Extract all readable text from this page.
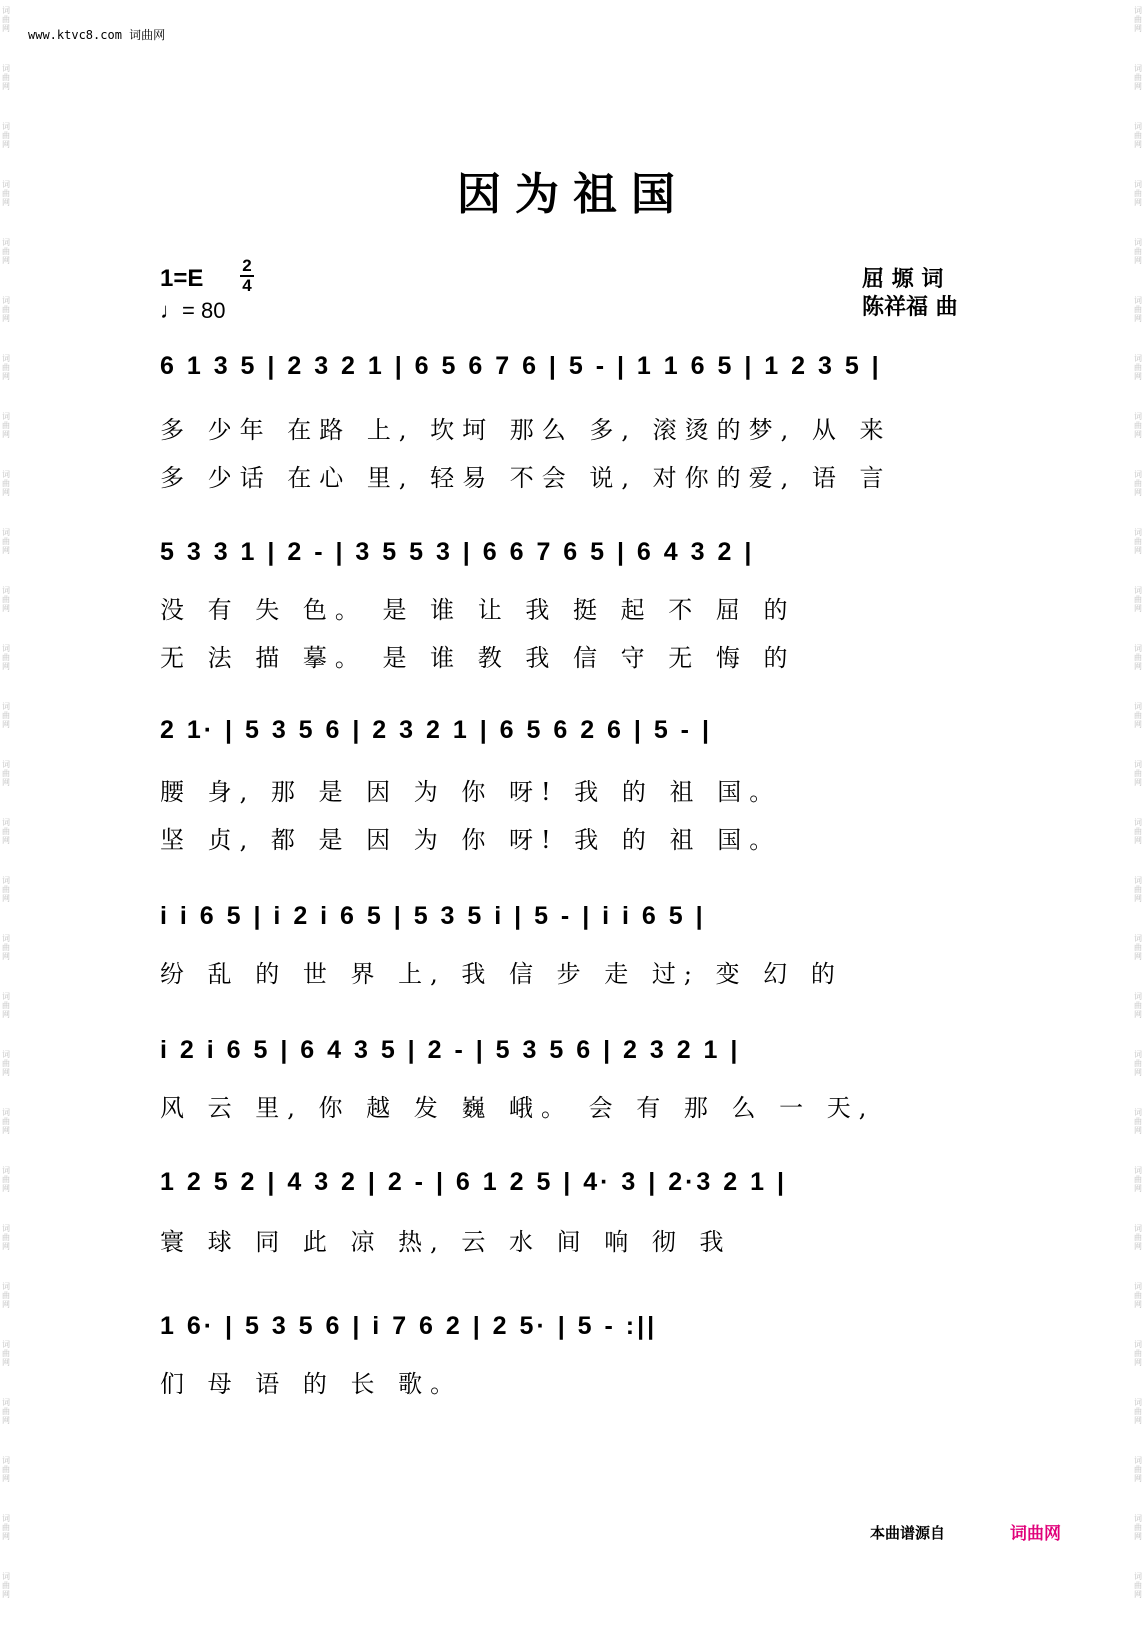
词
曲
网
词
曲
网
词
曲
网
词
曲
网
词
曲
网
词
曲
网
词
曲
网
词
曲
网
词
曲
网
词
曲
网
词
曲
网
词
曲
网
词
曲
网
词
曲
网
词
曲
网
词
曲
网
词
曲
网
词
曲
网
词
曲
网
词
曲
网
词
曲
网
词
曲
网
词
曲
网
词
曲
网
词
曲
网
词
曲
网
词
曲
网
词
曲
网
词
曲
网
词
曲
网
词
曲
网
词
曲
网
词
曲
网
词
曲
网
词
曲
网
词
曲
网
词
曲
网
词
曲
网
词
曲
网
词
曲
网
词
曲
网
词
曲
网
词
曲
网
词
曲
网
词
曲
网
词
曲
网
词
曲
网
词
曲
网
词
曲
网
词
曲
网
词
曲
网
词
曲
网
词
曲
网
词
曲
网
词
曲
网
词
曲
网
www.ktvc8.com 词曲网
因为祖国
$1=E \frac{2}{4}$
♩= 80
屈 塬 词
陈祥福 曲
6 1 3 5 | 2 3 2 1 | 6 5 6 7 6 | 5 - | 1 1 6 5 | 1 2 3 5 |
多 少年 在路 上, 坎坷 那么 多, 滚烫的梦, 从 来
多 少话 在心 里, 轻易 不会 说, 对你的爱, 语 言
5 3 3 1 | 2 - | 3 5 5 3 | 6 6 7 6 5 | 6 4 3 2 |
没 有 失 色。 是 谁 让 我 挺 起 不 屈 的
无 法 描 摹。 是 谁 教 我 信 守 无 悔 的
2 1· | 5 3 5 6 | 2 3 2 1 | 6 5 6 2 6 | 5 - |
腰 身, 那 是 因 为 你 呀! 我 的 祖 国。
坚 贞, 都 是 因 为 你 呀! 我 的 祖 国。
i i 6 5 | i 2 i 6 5 | 5 3 5 i | 5 - | i i 6 5 |
纷 乱 的 世 界 上, 我 信 步 走 过; 变 幻 的
i 2 i 6 5 | 6 4 3 5 | 2 - | 5 3 5 6 | 2 3 2 1 |
风 云 里, 你 越 发 巍 峨。 会 有 那 么 一 天,
1 2 5 2 | 4 3 2 | 2 - | 6 1 2 5 | 4· 3 | 2·3 2 1 |
寰 球 同 此 凉 热, 云 水 间 响 彻 我
1 6· | 5 3 5 6 | i 7 6 2 | 2 5· | 5 - :||
们 母 语 的 长 歌。
本曲谱源自	词曲网
